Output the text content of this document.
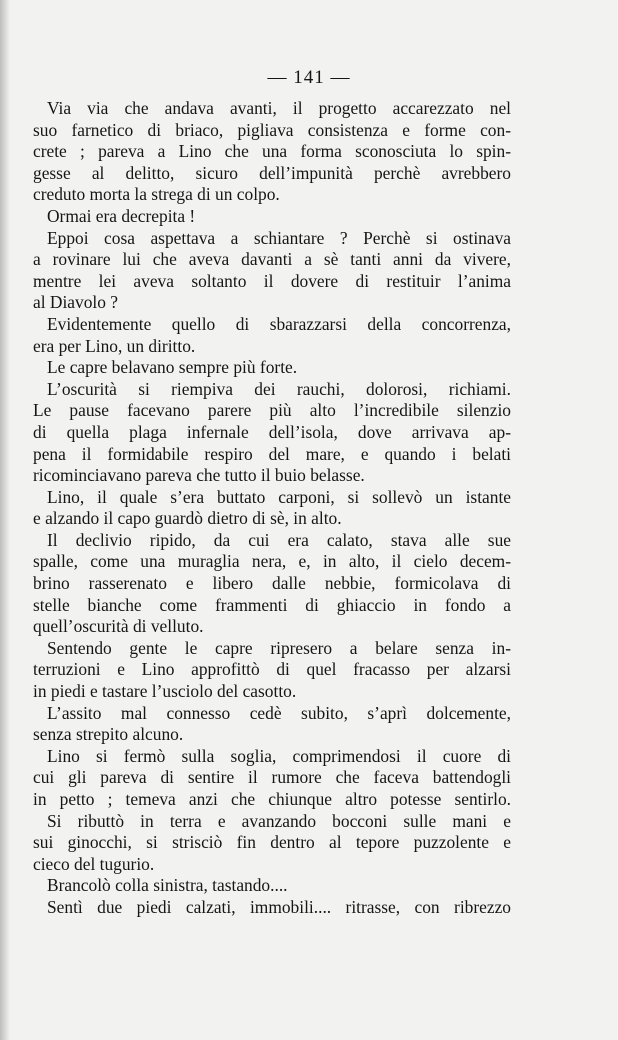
— 141 —
Via via che andava avanti, il progetto accarezzato nel
suo farnetico di briaco, pigliava consistenza e forme con-
crete ; pareva a Lino che una forma sconosciuta lo spin-
gesse al delitto, sicuro dell’impunità perchè avrebbero
creduto morta la strega di un colpo.
Ormai era decrepita !
Eppoi cosa aspettava a schiantare ? Perchè si ostinava
a rovinare lui che aveva davanti a sè tanti anni da vivere,
mentre lei aveva soltanto il dovere di restituir l’anima
al Diavolo ?
Evidentemente quello di sbarazzarsi della concorrenza,
era per Lino, un diritto.
Le capre belavano sempre più forte.
L’oscurità si riempiva dei rauchi, dolorosi, richiami.
Le pause facevano parere più alto l’incredibile silenzio
di quella plaga infernale dell’isola, dove arrivava ap-
pena il formidabile respiro del mare, e quando i belati
ricominciavano pareva che tutto il buio belasse.
Lino, il quale s’era buttato carponi, si sollevò un istante
e alzando il capo guardò dietro di sè, in alto.
Il declivio ripido, da cui era calato, stava alle sue
spalle, come una muraglia nera, e, in alto, il cielo decem-
brino rasserenato e libero dalle nebbie, formicolava di
stelle bianche come frammenti di ghiaccio in fondo a
quell’oscurità di velluto.
Sentendo gente le capre ripresero a belare senza in-
terruzioni e Lino approfittò di quel fracasso per alzarsi
in piedi e tastare l’usciolo del casotto.
L’assito mal connesso cedè subito, s’aprì dolcemente,
senza strepito alcuno.
Lino si fermò sulla soglia, comprimendosi il cuore di
cui gli pareva di sentire il rumore che faceva battendogli
in petto ; temeva anzi che chiunque altro potesse sentirlo.
Si ributtò in terra e avanzando bocconi sulle mani e
sui ginocchi, si strisciò fin dentro al tepore puzzolente e
cieco del tugurio.
Brancolò colla sinistra, tastando....
Sentì due piedi calzati, immobili.... ritrasse, con ribrezzo
